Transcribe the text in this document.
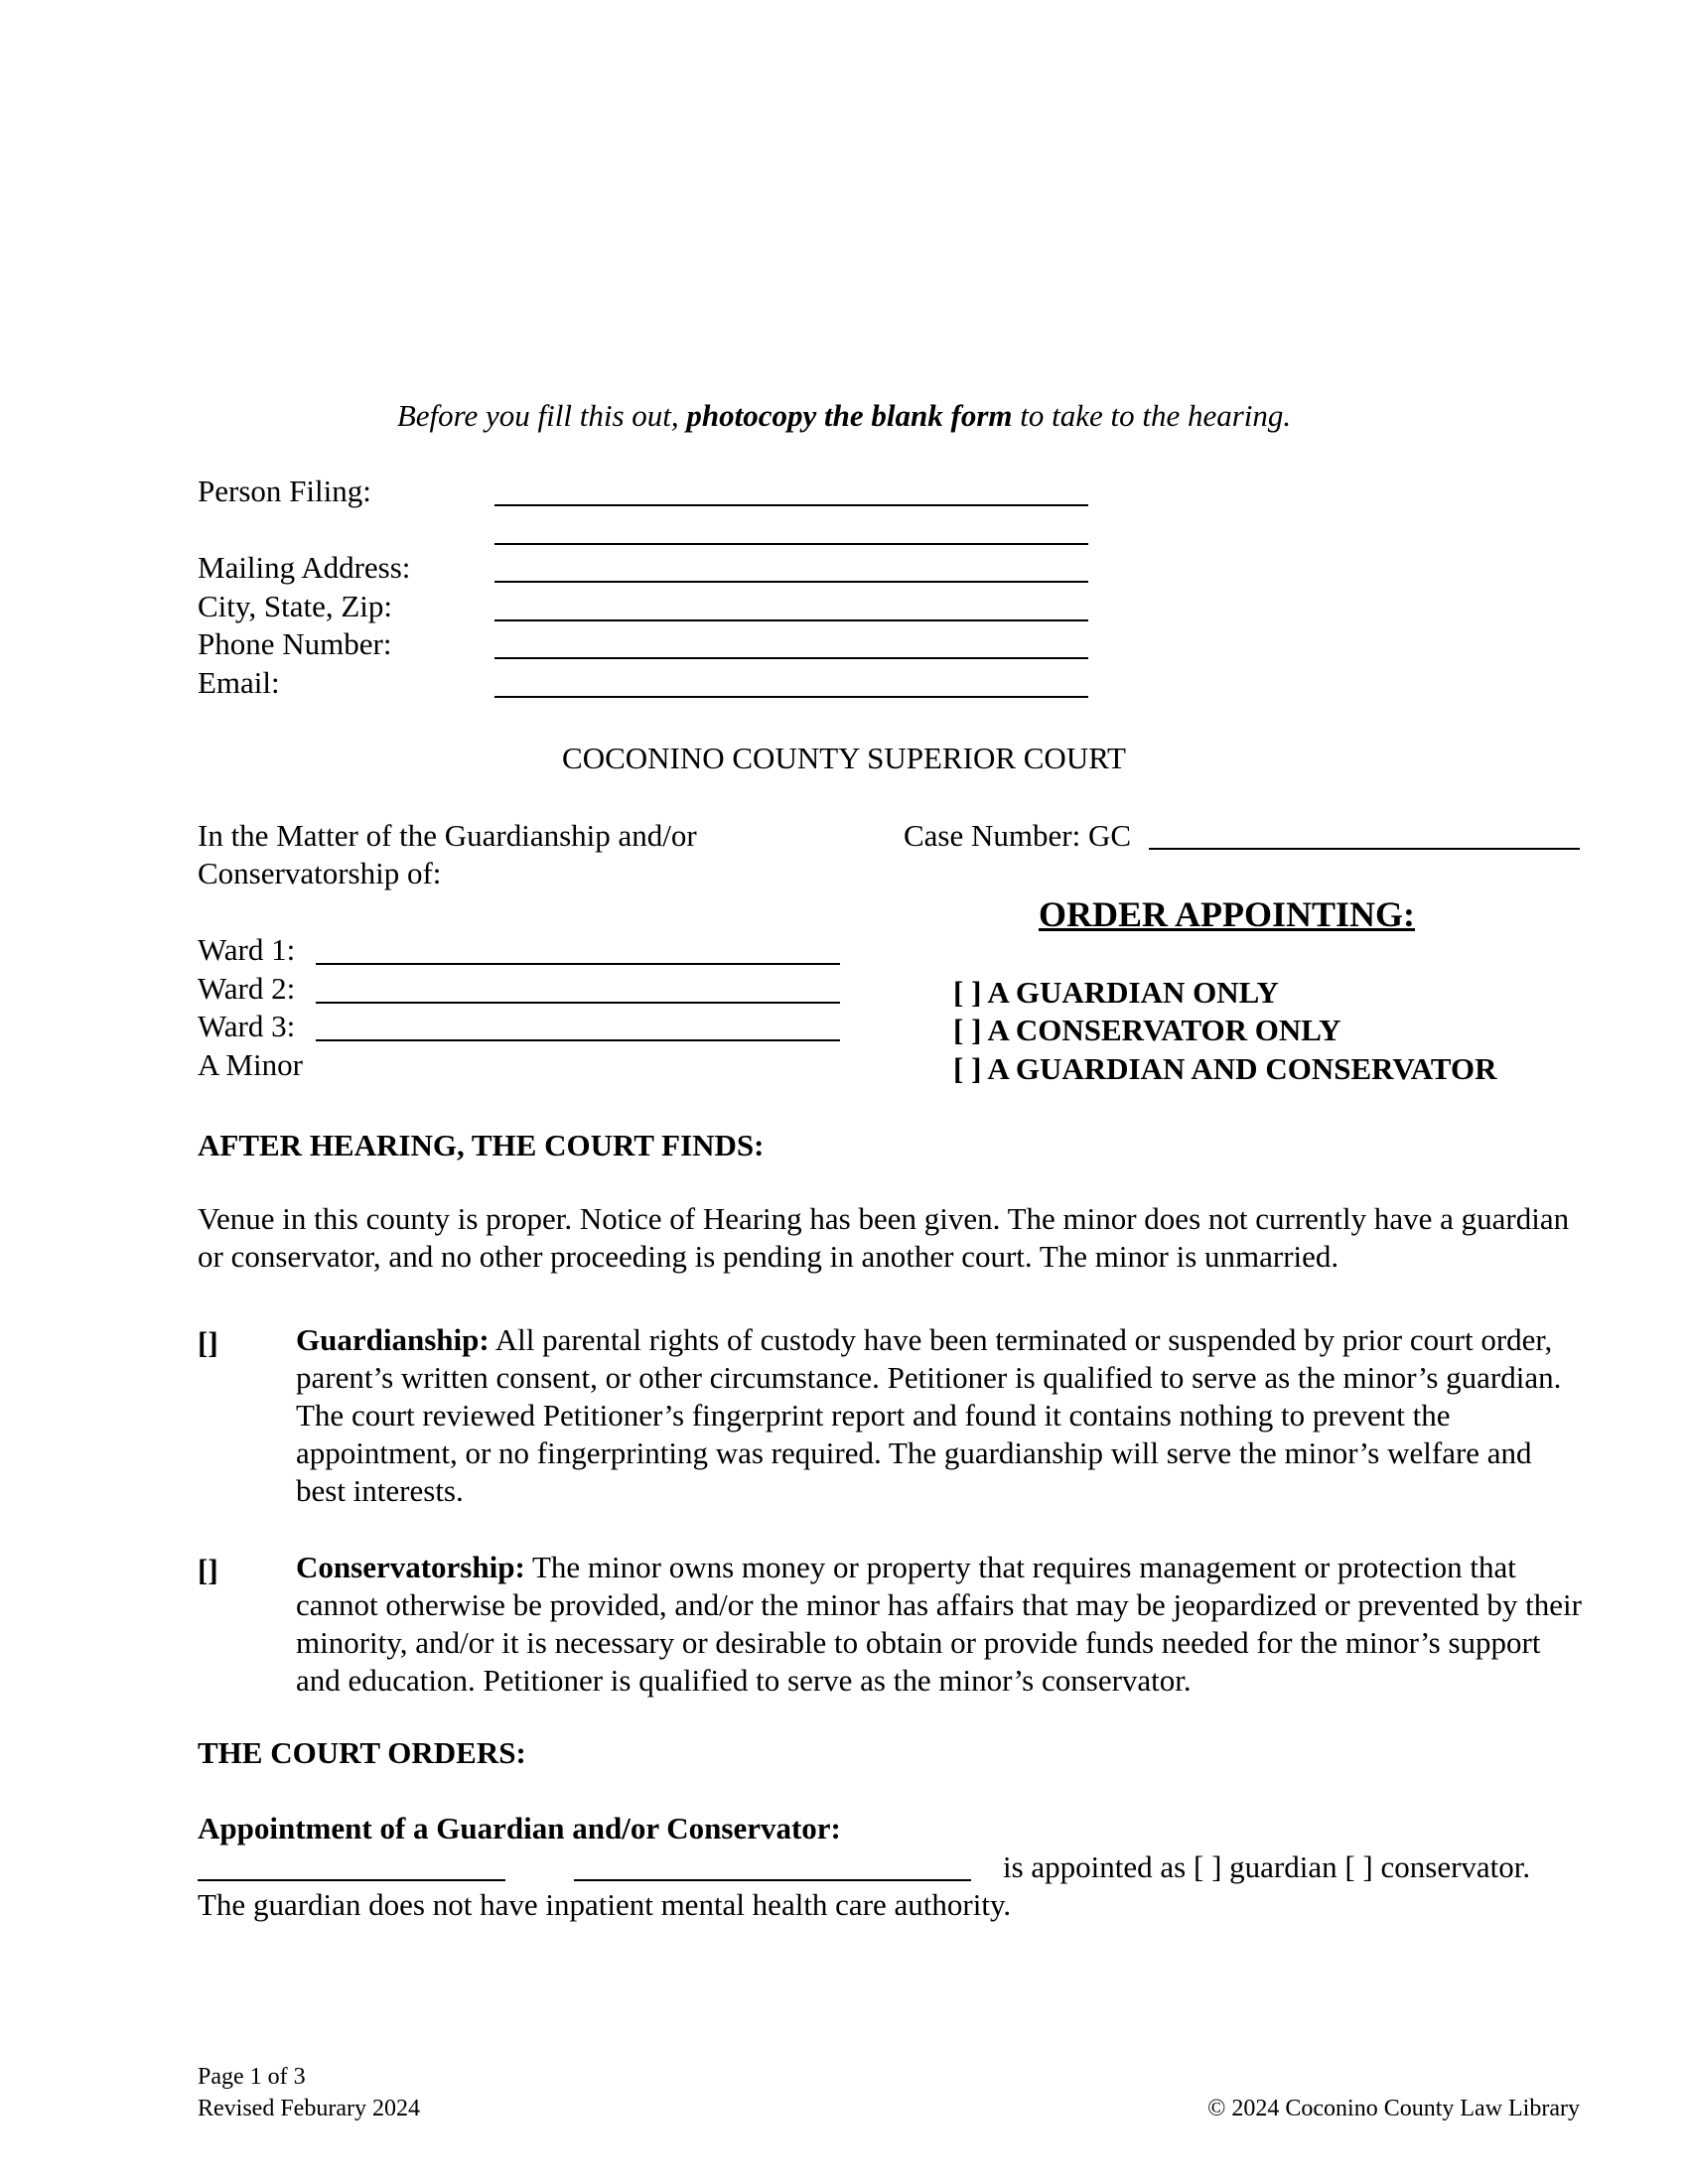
Before you fill this out, photocopy the blank form to take to the hearing.
Person Filing:
Mailing Address:
City, State, Zip:
Phone Number:
Email:
COCONINO COUNTY SUPERIOR COURT
In the Matter of the Guardianship and/or
Conservatorship of:
Ward 1:
Ward 2:
Ward 3:
A Minor
Case Number: GC
ORDER APPOINTING:
[ ] A GUARDIAN ONLY
[ ] A CONSERVATOR ONLY
[ ] A GUARDIAN AND CONSERVATOR
AFTER HEARING, THE COURT FINDS:
Venue in this county is proper. Notice of Hearing has been given. The minor does not currently have a guardian or conservator, and no other proceeding is pending in another court. The minor is unmarried.
[]	Guardianship: All parental rights of custody have been terminated or suspended by prior court order, parent’s written consent, or other circumstance. Petitioner is qualified to serve as the minor’s guardian. The court reviewed Petitioner’s fingerprint report and found it contains nothing to prevent the appointment, or no fingerprinting was required. The guardianship will serve the minor’s welfare and best interests.
[]	Conservatorship: The minor owns money or property that requires management or protection that cannot otherwise be provided, and/or the minor has affairs that may be jeopardized or prevented by their minority, and/or it is necessary or desirable to obtain or provide funds needed for the minor’s support and education. Petitioner is qualified to serve as the minor’s conservator.
THE COURT ORDERS:
Appointment of a Guardian and/or Conservator:
is appointed as [ ] guardian [ ] conservator.
The guardian does not have inpatient mental health care authority.
Page 1 of 3
Revised Feburary 2024	© 2024 Coconino County Law Library
